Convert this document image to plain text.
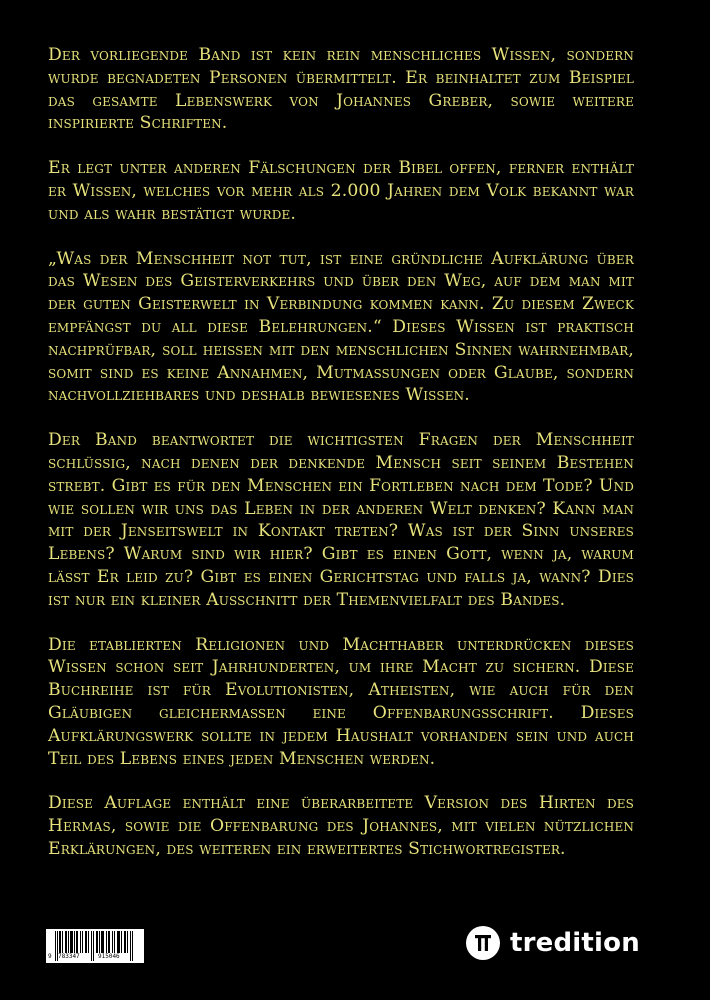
Der vorliegende Band ist kein rein menschliches Wissen, sondern wurde begnadeten Personen übermittelt. Er beinhaltet zum Beispiel das gesamte Lebenswerk von Johannes Greber, sowie weitere inspirierte Schriften.

Er legt unter anderen Fälschungen der Bibel offen, ferner enthält er Wissen, welches vor mehr als 2.000 Jahren dem Volk bekannt war und als wahr bestätigt wurde.

„Was der Menschheit not tut, ist eine gründliche Aufklärung über das Wesen des Geisterverkehrs und über den Weg, auf dem man mit der guten Geisterwelt in Verbindung kommen kann. Zu diesem Zweck empfängst du all diese Belehrungen.“ Dieses Wissen ist praktisch nachprüfbar, soll heißen mit den menschlichen Sinnen wahrnehmbar, somit sind es keine Annahmen, Mutmaßungen oder Glaube, sondern nachvollziehbares und deshalb bewiesenes Wissen.

Der Band beantwortet die wichtigsten Fragen der Menschheit schlüssig, nach denen der denkende Mensch seit seinem Bestehen strebt. Gibt es für den Menschen ein Fortleben nach dem Tode? Und wie sollen wir uns das Leben in der anderen Welt denken? Kann man mit der Jenseitswelt in Kontakt treten? Was ist der Sinn unseres Lebens? Warum sind wir hier? Gibt es einen Gott, wenn ja, warum lässt Er leid zu? Gibt es einen Gerichtstag und falls ja, wann? Dies ist nur ein kleiner Ausschnitt der Themenvielfalt des Bandes.

Die etablierten Religionen und Machthaber unterdrücken dieses Wissen schon seit Jahrhunderten, um ihre Macht zu sichern. Diese Buchreihe ist für Evolutionisten, Atheisten, wie auch für den Gläubigen gleichermaßen eine Offenbarungsschrift. Dieses Aufklärungswerk sollte in jedem Haushalt vorhanden sein und auch Teil des Lebens eines jeden Menschen werden.

Diese Auflage enthält eine überarbeitete Version des Hirten des Hermas, sowie die Offenbarung des Johannes, mit vielen nützlichen Erklärungen, des weiteren ein erweitertes Stichwortregister.

9 783347	915046	tredition
